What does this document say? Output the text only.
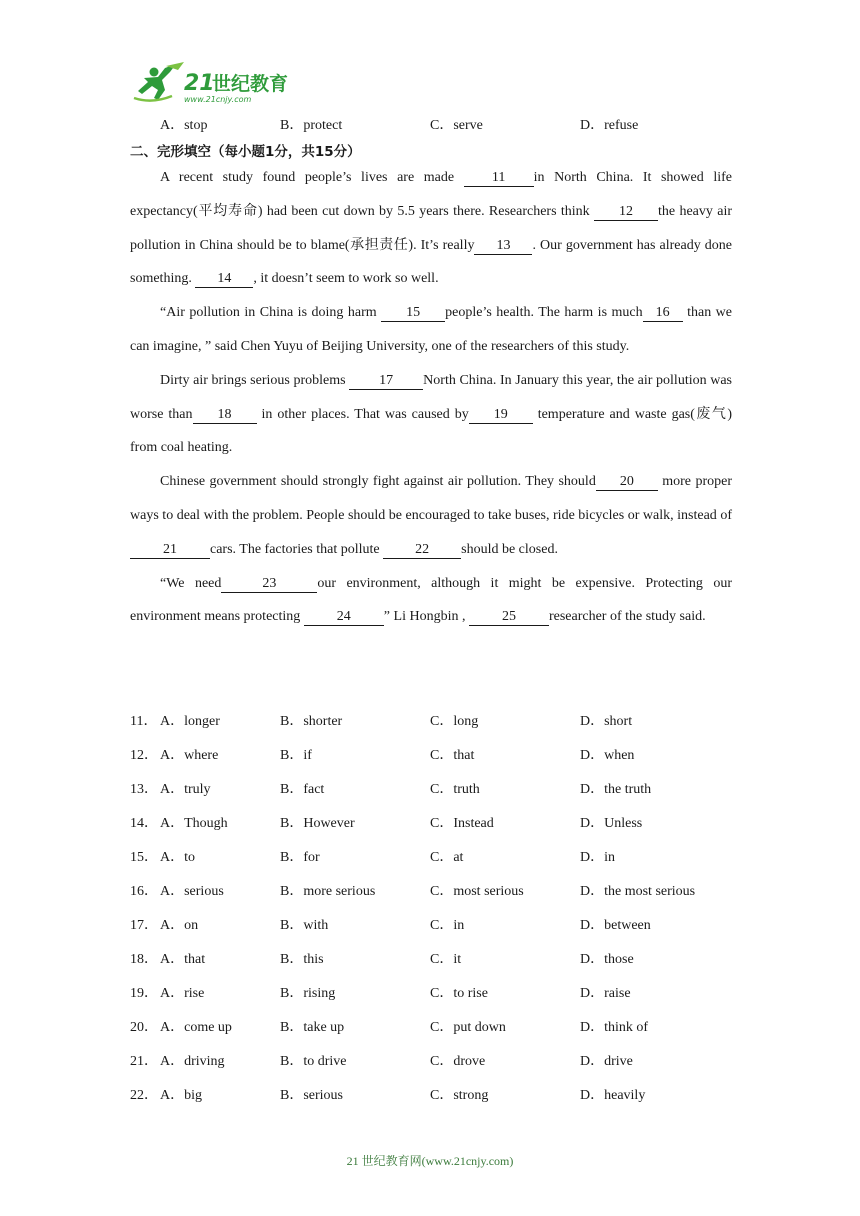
21
世纪教育
www.21cnjy.com
A．stop	B．protect	C．serve	D．refuse
二、完形填空（每小题1分，共15分）

A recent study found people’s lives are made 11 in North China. It showed life expectancy(平均寿命) had been cut down by 5.5 years there. Researchers think 12 the heavy air pollution in China should be to blame(承担责任). It’s really 13 . Our government has already done something. 14 , it doesn’t seem to work so well.

“Air pollution in China is doing harm 15 people’s health. The harm is much 16 than we can imagine, ” said Chen Yuyu of Beijing University, one of the researchers of this study.

Dirty air brings serious problems 17 North China. In January this year, the air pollution was worse than 18 in other places. That was caused by 19 temperature and waste gas(废气) from coal heating.

Chinese government should strongly fight against air pollution. They should 20 more proper ways to deal with the problem. People should be encouraged to take buses, ride bicycles or walk, instead of 21 cars. The factories that pollute 22 should be closed.

“We need	23	our environment, although it might be expensive. Protecting our environment means protecting 24 ” Li Hongbin , 25 researcher of the study said.

11． A．longer	B．shorter	C．long	D．short
12． A．where	B．if	C．that	D．when
13． A．truly	B．fact	C．truth	D．the truth
14． A．Though	B．However	C．Instead	D．Unless
15． A．to	B．for	C．at	D．in
16． A．serious	B．more serious	C．most serious	D．the most serious
17． A．on	B．with	C．in	D．between
18． A．that	B．this	C．it	D．those
19． A．rise	B．rising	C．to rise	D．raise
20． A．come up	B．take up	C．put down	D．think of
21． A．driving	B．to drive	C．drove	D．drive
22． A．big	B．serious	C．strong	D．heavily
21 世纪教育网(www.21cnjy.com)
